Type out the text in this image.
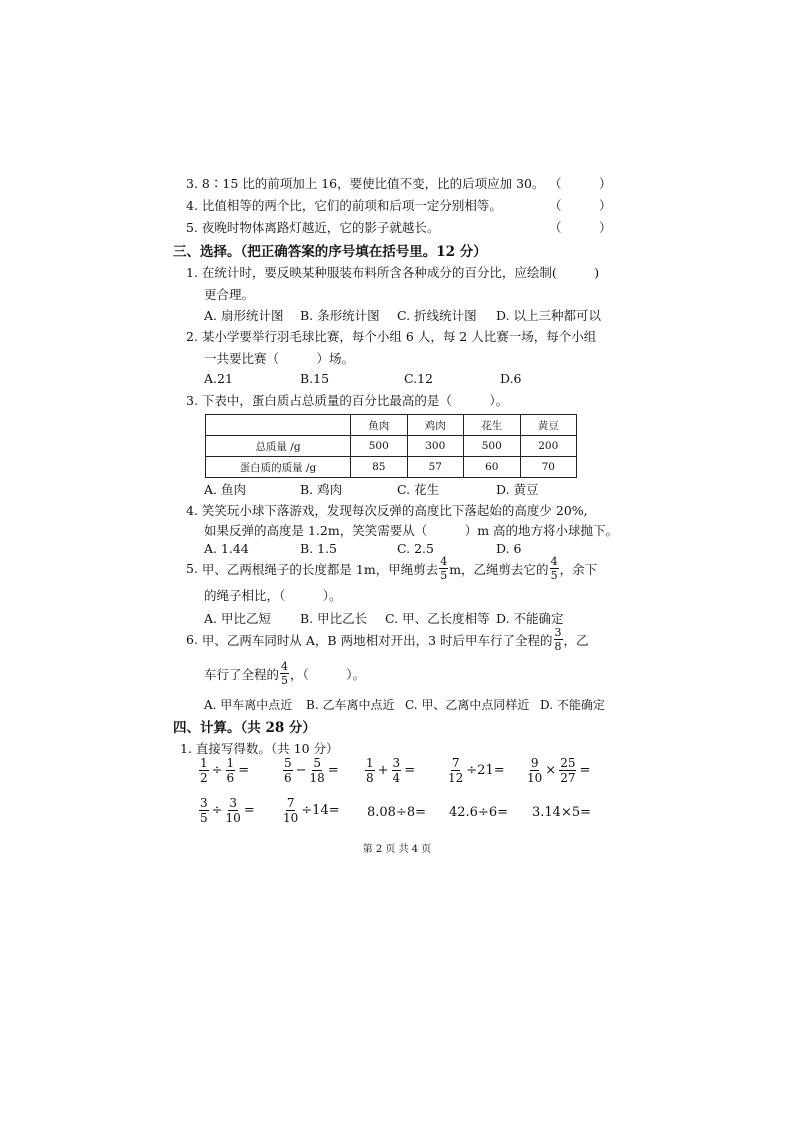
3. 8∶15 比的前项加上 16，要使比值不变，比的后项应加 30。 （　　　）
4. 比值相等的两个比，它们的前项和后项一定分别相等。	（　　　）
5. 夜晚时物体离路灯越近，它的影子就越长。	（　　　）
三、选择。（把正确答案的序号填在括号里。12 分）
1. 在统计时，要反映某种服装布料所含各种成分的百分比，应绘制(　　　)
更合理。
A. 扇形统计图 B. 条形统计图 C. 折线统计图 D. 以上三种都可以
2. 某小学要举行羽毛球比赛，每个小组 6 人，每 2 人比赛一场，每个小组
一共要比赛（　　　）场。
A.21	B.15	C.12	D.6
3. 下表中，蛋白质占总质量的百分比最高的是（　　　）。
	鱼肉	鸡肉	花生	黄豆
总质量 /g	500	300	500	200
蛋白质的质量 /g	85	57	60	70
A. 鱼肉	B. 鸡肉	C. 花生	D. 黄豆
4. 笑笑玩小球下落游戏，发现每次反弹的高度比下落起始的高度少 20%,
如果反弹的高度是 1.2m，笑笑需要从（　　　）m 高的地方将小球抛下。
A. 1.44	B. 1.5	C. 2.5	D. 6
5.
甲、乙两根绳子的长度都是 1m，甲绳剪去 $\frac{4}{5}$ m，乙绳剪去它的 $\frac{4}{5}$ ，余下
的绳子相比，（　　　）。
A. 甲比乙短 B. 甲比乙长 C. 甲、乙长度相等 D. 不能确定
6.
甲、乙两车同时从 A，B 两地相对开出，3 时后甲车行了全程的 $\frac{3}{8}$ ，乙
车行了全程的 $\frac{4}{5}$ ，（　　　）。
A. 甲车离中点近 B. 乙车离中点近 C. 甲、乙离中点同样近 D. 不能确定
四、计算。（共 28 分）
1. 直接写得数。（共 10 分）
$\frac{1}{2} \div \frac{1}{6}$ =	$\frac{5}{6} - \frac{5}{18} = \frac{1}{8} + \frac{3}{4}$ =	$\frac{7}{12} \div 21= \frac{9}{10} \times \frac{25}{27}$ =
$\frac{3}{5} \div \frac{3}{10} = \frac{7}{10} \div 14= 8.08\div 8= 42.6\div 6= 3.14\times 5=$
第 2 页 共 4 页
